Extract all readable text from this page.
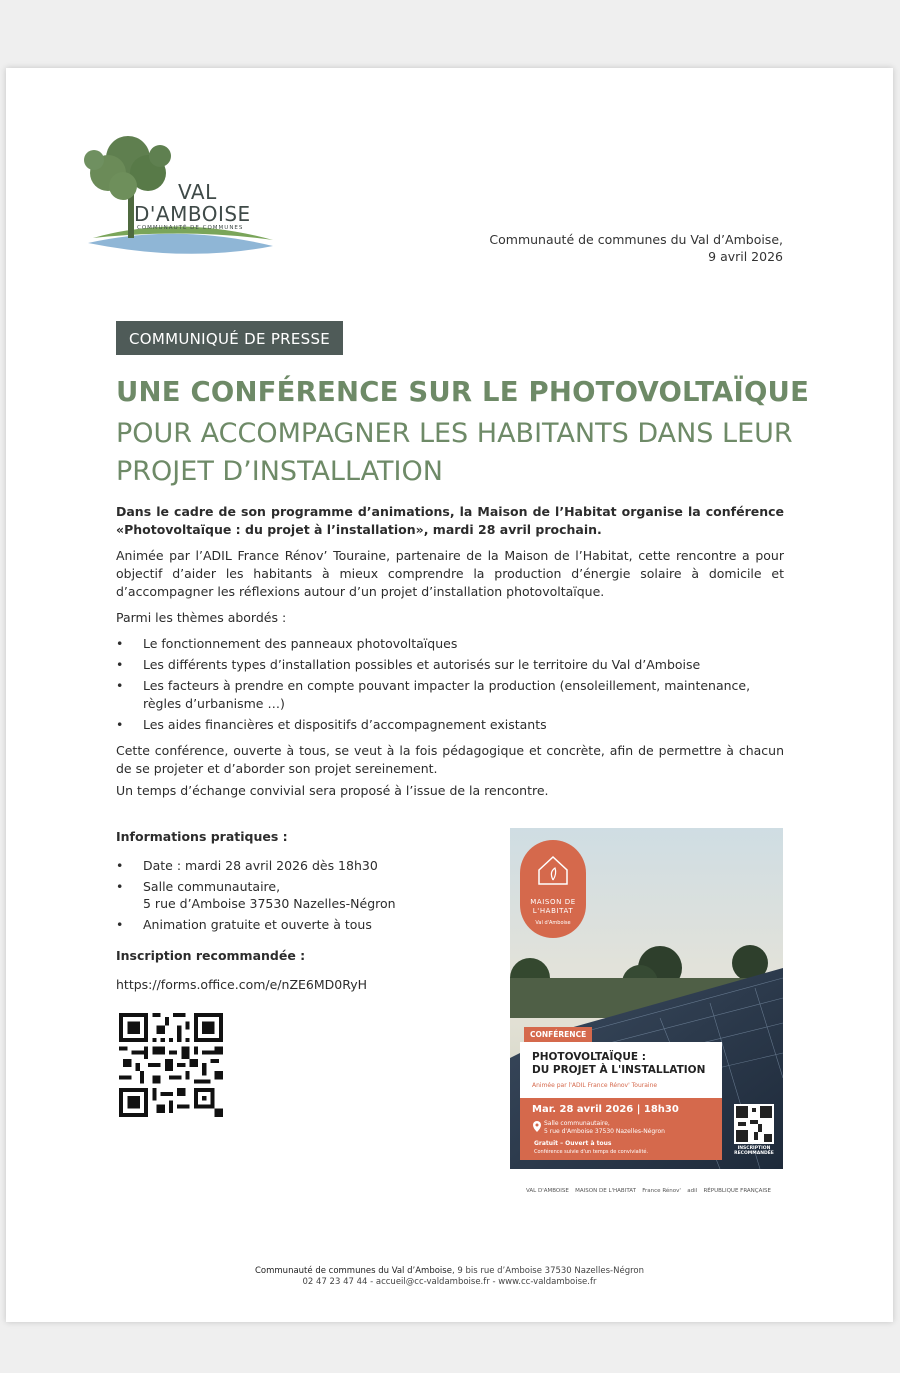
VAL
D'AMBOISE
COMMUNAUTÉ DE COMMUNES
Communauté de communes du Val d’Amboise,
9 avril 2026
COMMUNIQUÉ DE PRESSE
UNE CONFÉRENCE SUR LE PHOTOVOLTAÏQUE
POUR ACCOMPAGNER LES HABITANTS DANS LEUR PROJET D’INSTALLATION

Dans le cadre de son programme d’animations, la Maison de l’Habitat organise la conférence «Photovoltaïque : du projet à l’installation», mardi 28 avril prochain.

Animée par l’ADIL France Rénov’ Touraine, partenaire de la Maison de l’Habitat, cette rencontre a pour objectif d’aider les habitants à mieux comprendre la production d’énergie solaire à domicile et d’accompagner les réflexions autour d’un projet d’installation photovoltaïque.

Parmi les thèmes abordés :

• Le fonctionnement des panneaux photovoltaïques
• Les différents types d’installation possibles et autorisés sur le territoire du Val d’Amboise
• Les facteurs à prendre en compte pouvant impacter la production (ensoleillement, maintenance, règles d’urbanisme …)
• Les aides financières et dispositifs d’accompagnement existants

Cette conférence, ouverte à tous, se veut à la fois pédagogique et concrète, afin de permettre à chacun de se projeter et d’aborder son projet sereinement.

Un temps d’échange convivial sera proposé à l’issue de la rencontre.

Informations pratiques :
• Date : mardi 28 avril 2026 dès 18h30
• Salle communautaire,
5 rue d’Amboise 37530 Nazelles-Négron
• Animation gratuite et ouverte à tous
Inscription recommandée :
https://forms.office.com/e/nZE6MD0RyH
MAISON DE
L'HABITAT
Val d'Amboise
CONFÉRENCE
PHOTOVOLTAÏQUE :
DU PROJET À L'INSTALLATION
Animée par l'ADIL France Rénov' Touraine
Mar. 28 avril 2026 | 18h30
Salle communautaire,
5 rue d'Amboise 37530 Nazelles-Négron
Gratuit – Ouvert à tous
Conférence suivie d'un temps de convivialité.
INSCRIPTION RECOMMANDÉE
VAL D'AMBOISE MAISON DE L'HABITAT France Rénov' adil RÉPUBLIQUE FRANÇAISE
Communauté de communes du Val d’Amboise, 9 bis rue d’Amboise 37530 Nazelles-Négron
02 47 23 47 44 - accueil@cc-valdamboise.fr - www.cc-valdamboise.fr
